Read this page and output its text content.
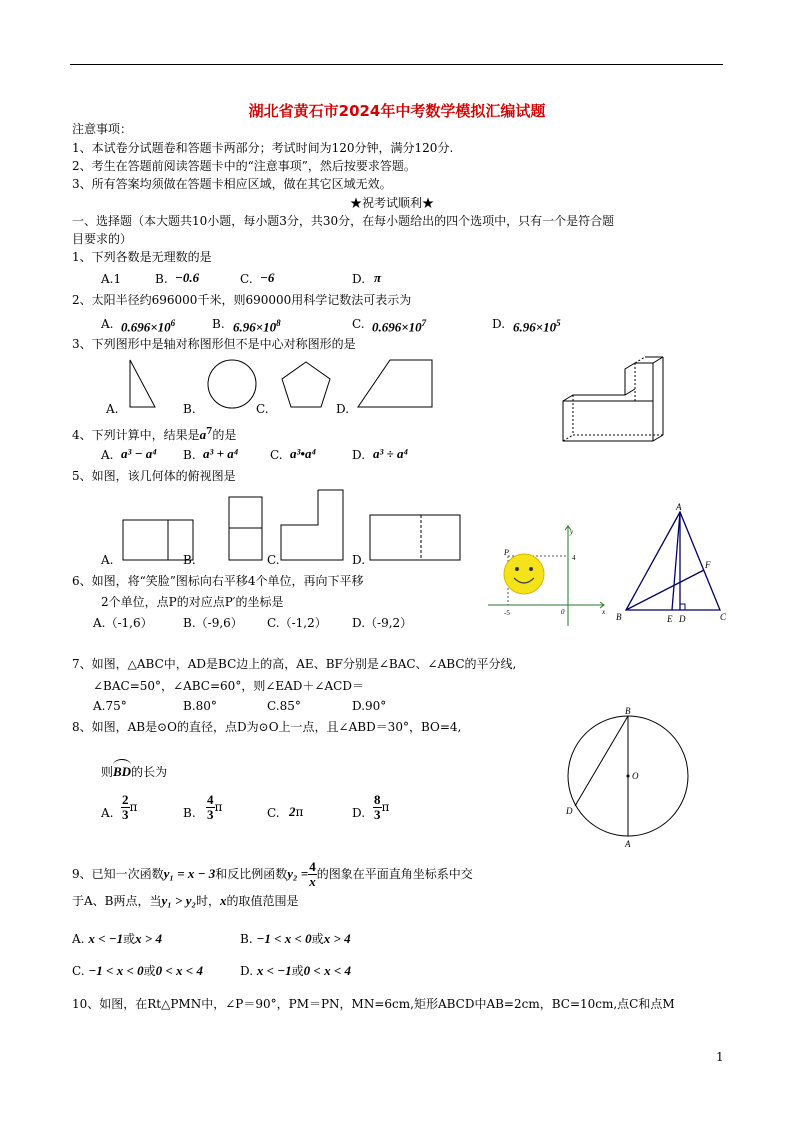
湖北省黄石市2024年中考数学模拟汇编试题
注意事项：
1、本试卷分试题卷和答题卡两部分；考试时间为120分钟，满分120分.
2、考生在答题前阅读答题卡中的“注意事项”，然后按要求答题。
3、所有答案均须做在答题卡相应区域，做在其它区域无效。
★祝考试顺利★
一、选择题（本大题共10小题，每小题3分，共30分，在每小题给出的四个选项中，只有一个是符合题
目要求的）
1、下列各数是无理数的是
A.1	B. −0.6	C. −6	D. π
2、太阳半径约696000千米，则690000用科学记数法可表示为
A. $0.696\times 10^6$	B. $6.96\times 10^8$	C. $0.696\times 10^7$	D. $6.96\times 10^5$
3、下列图形中是轴对称图形但不是中心对称图形的是
A.	B.	C.	D.
4、下列计算中，结果是$a^7$的是
A. a³ − a⁴ B. a³ + a⁴	C. a³•a⁴	D. a³ ÷ a⁴
5、如图，该几何体的俯视图是
A.	B.	C.	D.
P
4
-5	0	x
y
A
B	C
E D
F
6、如图，将“笑脸”图标向右平移4个单位，再向下平移
2个单位，点P的对应点P′的坐标是
A.（-1,6）	B.（-9,6） C.（-1,2） D.（-9,2）
7、如图，△ABC中，AD是BC边上的高，AE、BF分别是∠BAC、∠ABC的平分线,
∠BAC=50°，∠ABC=60°，则∠EAD＋∠ACD＝
A.75°	B.80°	C.85°	D.90°
8、如图，AB是⊙O的直径，点D为⊙O上一点，且∠ABD＝30°，BO=4,
则BD的长为
B
O
D
A
A. $\frac{2}{3}$ π	B. $\frac{4}{3}$ π	C. 2π	D. $\frac{8}{3}$ π
9、已知一次函数y₁ = x − 3和反比例函数$y_2 = \frac{4}{x}$ 的图象在平面直角坐标系中交
于A、B两点，当y₁ > y₂时，x的取值范围是
A. x < −1或x > 4	B. −1 < x < 0或x > 4
C. −1 < x < 0或0 < x < 4	D. x < −1或0 < x < 4
10、如图，在Rt△PMN中，∠P＝90°，PM＝PN，MN=6cm,矩形ABCD中AB=2cm，BC=10cm,点C和点M
1
